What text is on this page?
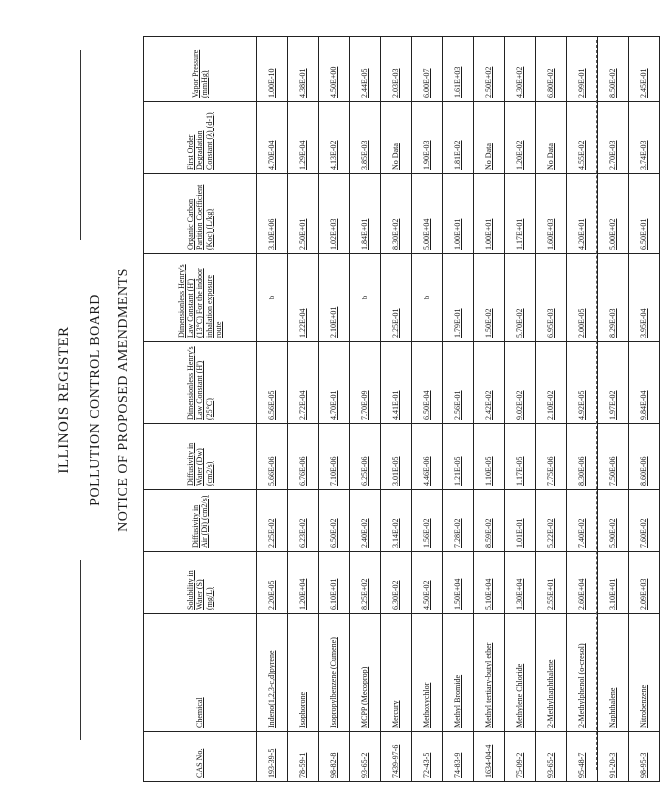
ILLINOIS REGISTER POLLUTION CONTROL BOARD NOTICE OF PROPOSED AMENDMENTS
CAS No.	Chemical	Solubility in Water (S) (mg/L)	Diffusivity in Air (Di) (cm2/s)	Diffusivity in Water (Dw) (cm2/s)	Dimensionless Henry's Law Constant (H') (25°C)	Dimensionless Henry's Law Constant (H') (13°C) For the indoor inhalation exposure route	Organic Carbon Partition Coefficient (Koc) (L/kg)	First Order Degradation Constant (λ) (d-1)	Vapor Pressure (mmHg)
193-39-5	Indeno(1,2,3-c,d)pyrene	2.20E-05	2.25E-02	5.66E-06	6.56E-05	b	3.10E+06	4.70E-04	1.00E-10
78-59-1	Isophorone	1.20E+04	6.23E-02	6.76E-06	2.72E-04	1.22E-04	2.50E+01	1.29E-04	4.38E-01
98-82-8	Isopropylbenzene (Cumene)	6.10E+01	6.50E-02	7.10E-06	4.70E-01	2.10E+01	1.02E+03	4.13E-02	4.50E+00
93-65-2	MCPP (Mecoprop)	8.25E+02	2.40E-02	6.25E-06	7.70E-09	b	1.84E+01	3.85E-03	2.44E-05
7439-97-6	Mercury	6.30E-02	3.14E-02	3.01E-05	4.41E-01	2.25E-01	8.30E+02	No Data	2.03E-03
72-43-5	Methoxychlor	4.50E-02	1.56E-02	4.46E-06	6.50E-04	b	5.00E+04	1.90E-03	6.00E-07
74-83-9	Methyl Bromide	1.50E+04	7.28E-02	1.21E-05	2.56E-01	1.79E-01	1.00E+01	1.81E-02	1.61E+03
1634-04-4	Methyl tertiary-butyl ether	5.10E+04	8.59E-02	1.10E-05	2.42E-02	1.50E-02	1.00E+01	No Data	2.50E+02
75-09-2	Methylene Chloride	1.30E+04	1.01E-01	1.17E-05	9.02E-02	5.70E-02	1.17E+01	1.20E-02	4.30E+02
93-65-2	2-Methylnaphthalene	2.55E+01	5.22E-02	7.75E-06	2.10E-02	6.95E-03	1.60E+03	No Data	6.80E-02
95-48-7	2-Methylphenol (o-cresol)	2.60E+04	7.40E-02	8.30E-06	4.92E-05	2.00E-05	4.20E+01	4.55E-02	2.99E-01
91-20-3	Naphthalene	3.10E+01	5.90E-02	7.50E-06	1.97E-02	8.29E-03	5.00E+02	2.70E-03	8.50E-02
98-95-3	Nitrobenzene	2.09E+03	7.60E-02	8.60E-06	9.84E-04	3.95E-04	6.50E+01	3.74E-03	2.45E-01
